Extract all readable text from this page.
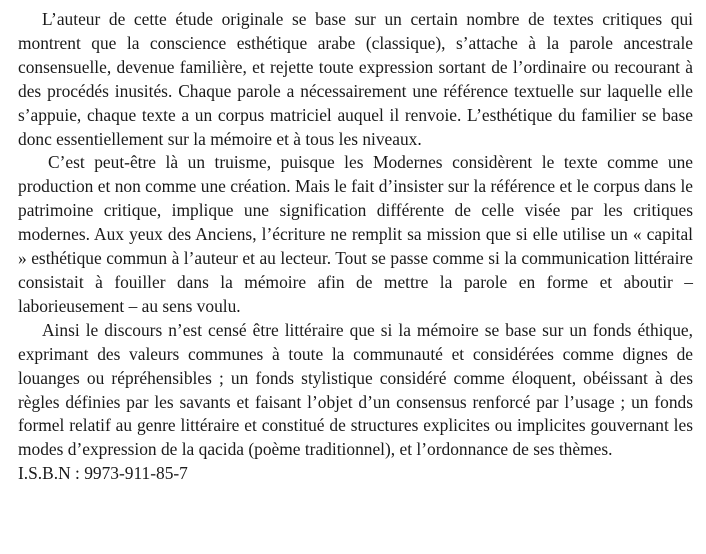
L’auteur de cette étude originale se base sur un certain nombre de textes critiques qui montrent que la conscience esthétique arabe (classique), s’attache à la parole ancestrale consensuelle, devenue familière, et rejette toute expression sortant de l’ordinaire ou recourant à des procédés inusités. Chaque parole a nécessairement une référence textuelle sur laquelle elle s’appuie, chaque texte a un corpus matriciel auquel il renvoie. L’esthétique du familier se base donc essentiellement sur la mémoire et à tous les niveaux.

C’est peut-être là un truisme, puisque les Modernes considèrent le texte comme une production et non comme une création. Mais le fait d’insister sur la référence et le corpus dans le patrimoine critique, implique une signification différente de celle visée par les critiques modernes. Aux yeux des Anciens, l’écriture ne remplit sa mission que si elle utilise un « capital » esthétique commun à l’auteur et au lecteur. Tout se passe comme si la communication littéraire consistait à fouiller dans la mémoire afin de mettre la parole en forme et aboutir – laborieusement – au sens voulu.

Ainsi le discours n’est censé être littéraire que si la mémoire se base sur un fonds éthique, exprimant des valeurs communes à toute la communauté et considérées comme dignes de louanges ou répréhensibles ; un fonds stylistique considéré comme éloquent, obéissant à des règles définies par les savants et faisant l’objet d’un consensus renforcé par l’usage ; un fonds formel relatif au genre littéraire et constitué de structures explicites ou implicites gouvernant les modes d’expression de la qacida (poème traditionnel), et l’ordonnance de ses thèmes.

I.S.B.N : 9973-911-85-7
